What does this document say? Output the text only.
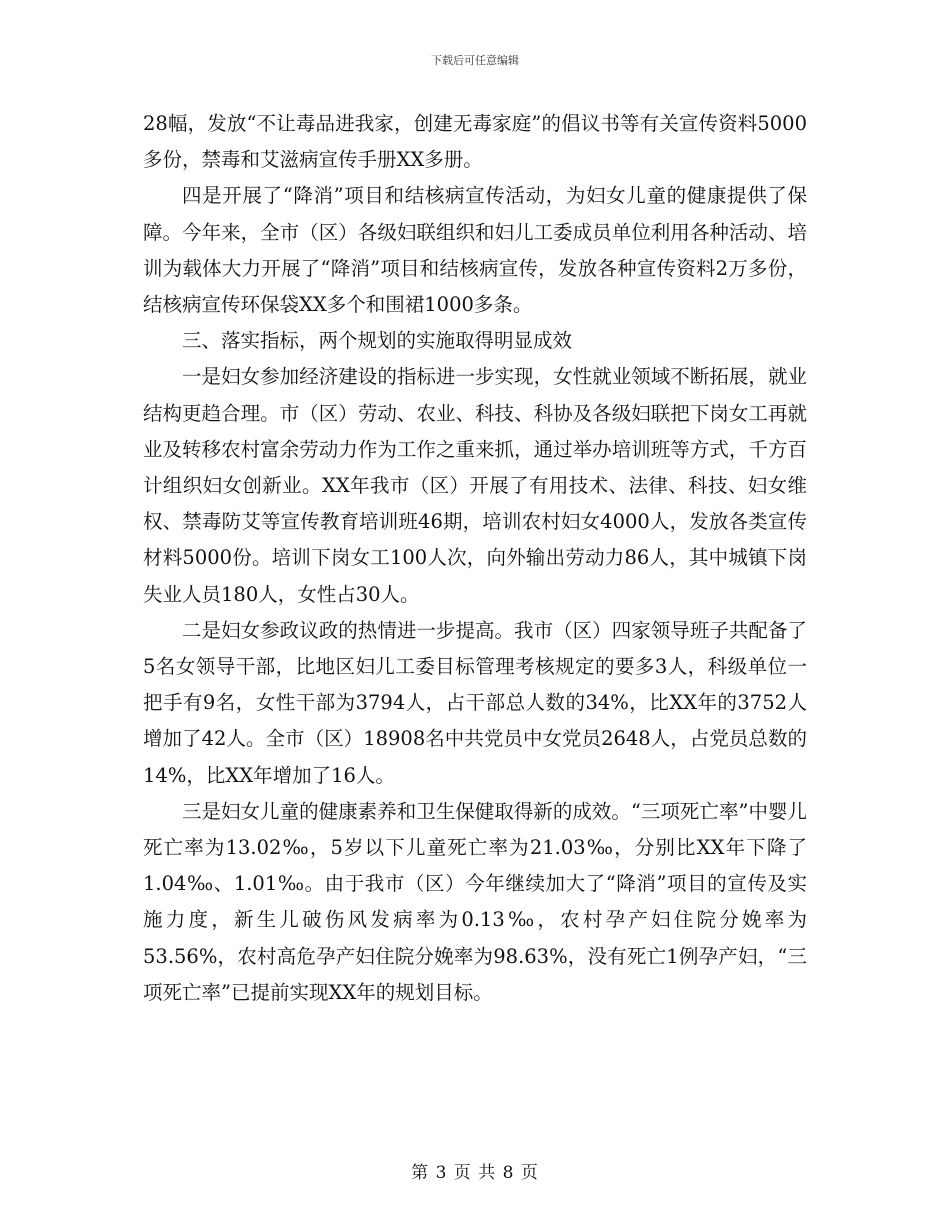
下载后可任意编辑

28幅，发放“不让毒品进我家，创建无毒家庭”的倡议书等有关宣传资料5000多份，禁毒和艾滋病宣传手册XX多册。

四是开展了“降消”项目和结核病宣传活动，为妇女儿童的健康提供了保障。今年来，全市（区）各级妇联组织和妇儿工委成员单位利用各种活动、培训为载体大力开展了“降消”项目和结核病宣传，发放各种宣传资料2万多份，结核病宣传环保袋XX多个和围裙1000多条。

三、落实指标，两个规划的实施取得明显成效

一是妇女参加经济建设的指标进一步实现，女性就业领域不断拓展，就业结构更趋合理。市（区）劳动、农业、科技、科协及各级妇联把下岗女工再就业及转移农村富余劳动力作为工作之重来抓，通过举办培训班等方式，千方百计组织妇女创新业。XX年我市（区）开展了有用技术、法律、科技、妇女维权、禁毒防艾等宣传教育培训班46期，培训农村妇女4000人，发放各类宣传材料5000份。培训下岗女工100人次，向外输出劳动力86人，其中城镇下岗失业人员180人，女性占30人。

二是妇女参政议政的热情进一步提高。我市（区）四家领导班子共配备了5名女领导干部，比地区妇儿工委目标管理考核规定的要多3人，科级单位一把手有9名，女性干部为3794人，占干部总人数的34%，比XX年的3752人增加了42人。全市（区）18908名中共党员中女党员2648人，占党员总数的14%，比XX年增加了16人。

三是妇女儿童的健康素养和卫生保健取得新的成效。“三项死亡率”中婴儿死亡率为13.02‰，5岁以下儿童死亡率为21.03‰，分别比XX年下降了1.04‰、1.01‰。由于我市（区）今年继续加大了“降消”项目的宣传及实施力度，新生儿破伤风发病率为0.13‰，农村孕产妇住院分娩率为53.56%，农村高危孕产妇住院分娩率为98.63%，没有死亡1例孕产妇，“三项死亡率”已提前实现XX年的规划目标。

第 3 页 共 8 页
